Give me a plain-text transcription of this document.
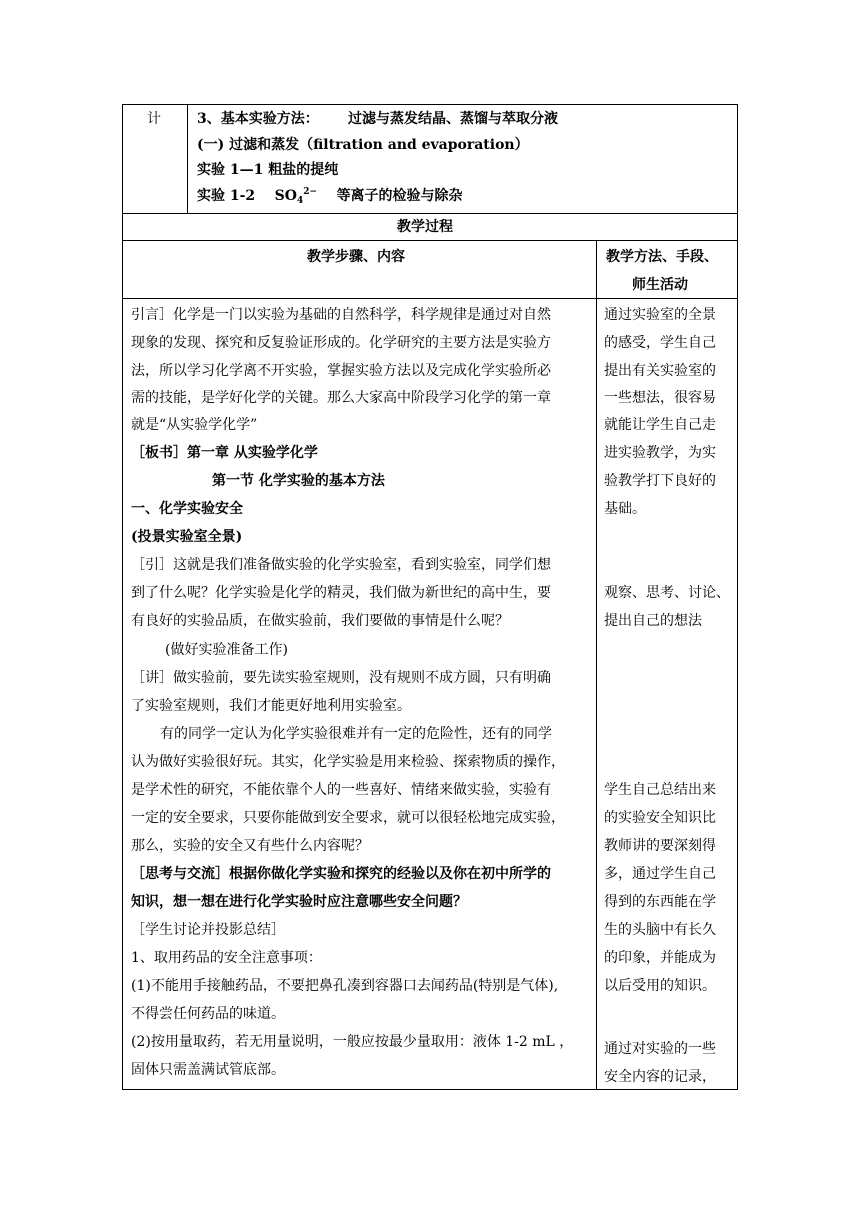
计	3、基本实验方法： 过滤与蒸发结晶、蒸馏与萃取分液
(一) 过滤和蒸发（filtration and evaporation）
实验 1—1 粗盐的提纯
实验 1-2 $SO_4^{2-}$ 等离子的检验与除杂
教学过程
教学步骤、内容	教学方法、手段、
师生活动
引言］化学是一门以实验为基础的自然科学，科学规律是通过对自然
现象的发现、探究和反复验证形成的。化学研究的主要方法是实验方
法，所以学习化学离不开实验，掌握实验方法以及完成化学实验所必
需的技能，是学好化学的关键。那么大家高中阶段学习化学的第一章
就是“从实验学化学”
［板书］第一章 从实验学化学
第一节 化学实验的基本方法
一、化学实验安全
(投景实验室全景)
［引］这就是我们准备做实验的化学实验室，看到实验室，同学们想
到了什么呢？化学实验是化学的精灵，我们做为新世纪的高中生，要
有良好的实验品质，在做实验前，我们要做的事情是什么呢？
(做好实验准备工作)
［讲］做实验前，要先读实验室规则，没有规则不成方圆，只有明确
了实验室规则，我们才能更好地利用实验室。
有的同学一定认为化学实验很难并有一定的危险性，还有的同学
认为做好实验很好玩。其实，化学实验是用来检验、探索物质的操作，
是学术性的研究，不能依靠个人的一些喜好、情绪来做实验，实验有
一定的安全要求，只要你能做到安全要求，就可以很轻松地完成实验，
那么，实验的安全又有些什么内容呢？
［思考与交流］根据你做化学实验和探究的经验以及你在初中所学的
知识，想一想在进行化学实验时应注意哪些安全问题？
［学生讨论并投影总结］
1、取用药品的安全注意事项：
(1)不能用手接触药品，不要把鼻孔凑到容器口去闻药品(特别是气体),
不得尝任何药品的味道。
(2)按用量取药，若无用量说明，一般应按最少量取用：液体 1-2 mL ，
固体只需盖满试管底部。
通过实验室的全景
的感受，学生自己
提出有关实验室的
一些想法，很容易
就能让学生自己走
进实验教学，为实
验教学打下良好的
基础。
观察、思考、讨论、
提出自己的想法
学生自己总结出来
的实验安全知识比
教师讲的要深刻得
多，通过学生自己
得到的东西能在学
生的头脑中有长久
的印象，并能成为
以后受用的知识。
通过对实验的一些
安全内容的记录，
